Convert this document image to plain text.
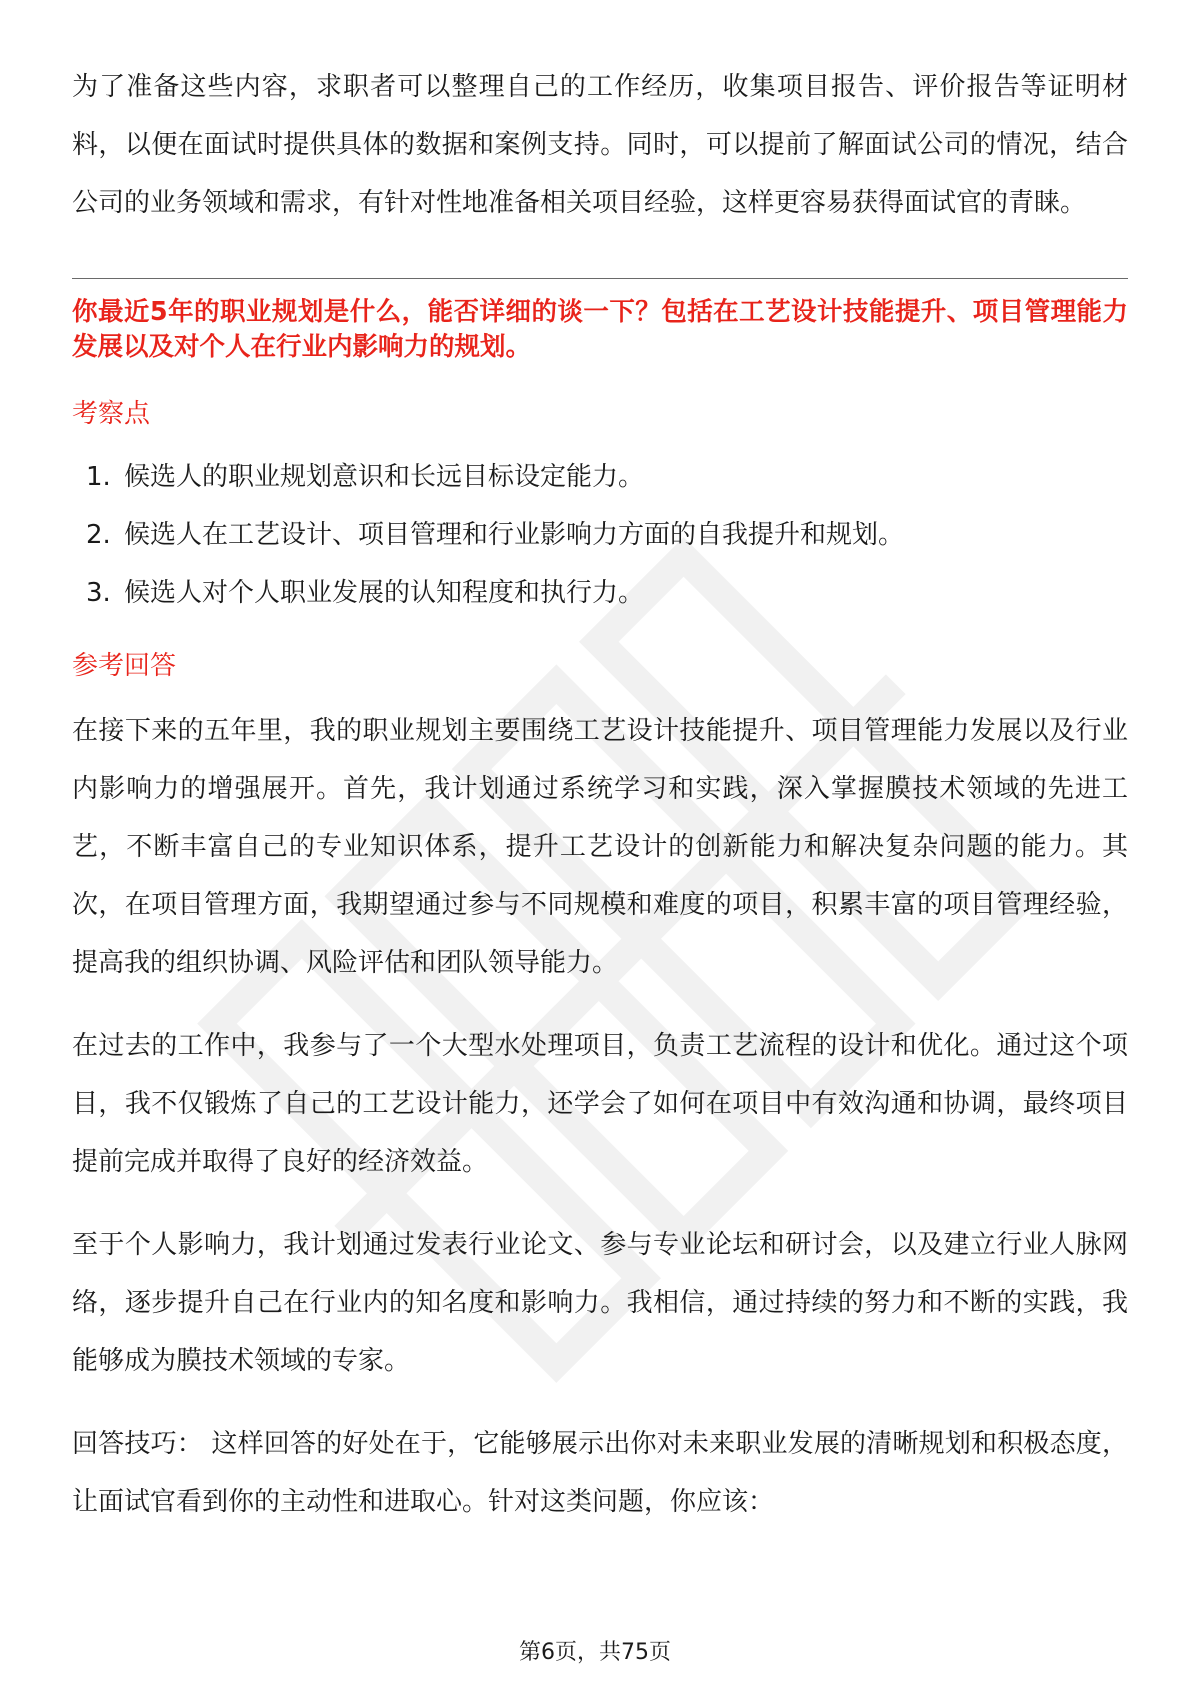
为了准备这些内容，求职者可以整理自己的工作经历，收集项目报告、评价报告等证明材料，以便在面试时提供具体的数据和案例支持。同时，可以提前了解面试公司的情况，结合公司的业务领域和需求，有针对性地准备相关项目经验，这样更容易获得面试官的青睐。

你最近5年的职业规划是什么，能否详细的谈一下？包括在工艺设计技能提升、项目管理能力发展以及对个人在行业内影响力的规划。

考察点
1. 候选人的职业规划意识和长远目标设定能力。
2. 候选人在工艺设计、项目管理和行业影响力方面的自我提升和规划。
3. 候选人对个人职业发展的认知程度和执行力。
参考回答

在接下来的五年里，我的职业规划主要围绕工艺设计技能提升、项目管理能力发展以及行业内影响力的增强展开。首先，我计划通过系统学习和实践，深入掌握膜技术领域的先进工艺，不断丰富自己的专业知识体系，提升工艺设计的创新能力和解决复杂问题的能力。其次，在项目管理方面，我期望通过参与不同规模和难度的项目，积累丰富的项目管理经验，提高我的组织协调、风险评估和团队领导能力。

在过去的工作中，我参与了一个大型水处理项目，负责工艺流程的设计和优化。通过这个项目，我不仅锻炼了自己的工艺设计能力，还学会了如何在项目中有效沟通和协调，最终项目提前完成并取得了良好的经济效益。

至于个人影响力，我计划通过发表行业论文、参与专业论坛和研讨会，以及建立行业人脉网络，逐步提升自己在行业内的知名度和影响力。我相信，通过持续的努力和不断的实践，我能够成为膜技术领域的专家。

回答技巧： 这样回答的好处在于，它能够展示出你对未来职业发展的清晰规划和积极态度，让面试官看到你的主动性和进取心。针对这类问题，你应该：

第6页，共75页
